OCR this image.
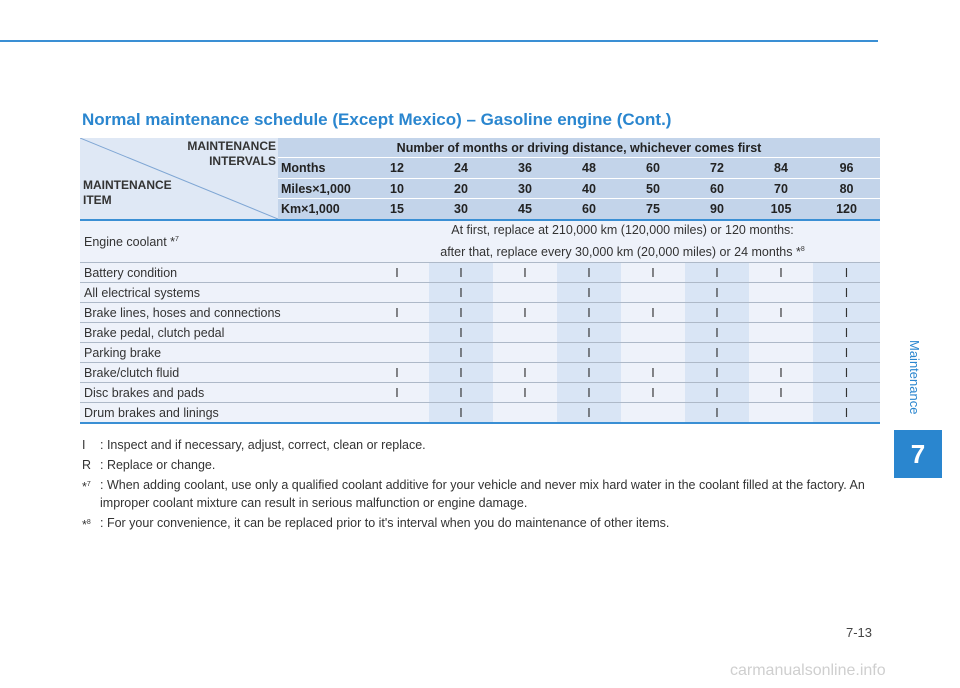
Normal maintenance schedule (Except Mexico) – Gasoline engine (Cont.)
MAINTENANCE
INTERVALS
MAINTENANCE
ITEM	Number of months or driving distance, whichever comes first								
	Months	12	24	36	48	60	72	84	96
	Miles×1,000	10	20	30	40	50	60	70	80
	Km×1,000	15	30	45	60	75	90	105	120
Engine coolant *$^7$		At first, replace at 210,000 km (120,000 miles) or 120 months:
after that, replace every 30,000 km (20,000 miles) or 24 months *$^8$

Battery condition		I	I	I	I	I	I	I	I
All electrical systems			I		I		I		I
Brake lines, hoses and connections		I	I	I	I	I	I	I	I
Brake pedal, clutch pedal			I		I		I		I
Parking brake			I		I		I		I
Brake/clutch fluid		I	I	I	I	I	I	I	I
Disc brakes and pads		I	I	I	I	I	I	I	I
Drum brakes and linings			I		I		I		I
I	: Inspect and if necessary, adjust, correct, clean or replace.
R : Replace or change.
*$^7$ : When adding coolant, use only a qualified coolant additive for your vehicle and never mix hard water in the coolant filled at the factory. An improper coolant mixture can result in serious malfunction or engine damage.
*$^8$ : For your convenience, it can be replaced prior to it's interval when you do maintenance of other items.
Maintenance
7
7-13
carmanualsonline.info
